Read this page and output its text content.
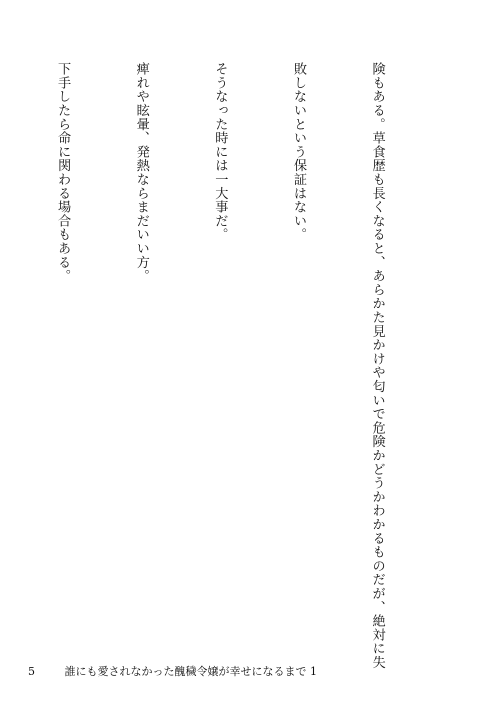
険もある。草食歴も長くなると、あらかた見かけや匂いで危険かどうかわかるものだが、絶対に失

敗しないという保証はない。

そうなった時には一大事だ。

痺れや眩暈、発熱ならまだいい方。

下手したら命に関わる場合もある。

5	誰にも愛されなかった醜穢令嬢が幸せになるまで 1
